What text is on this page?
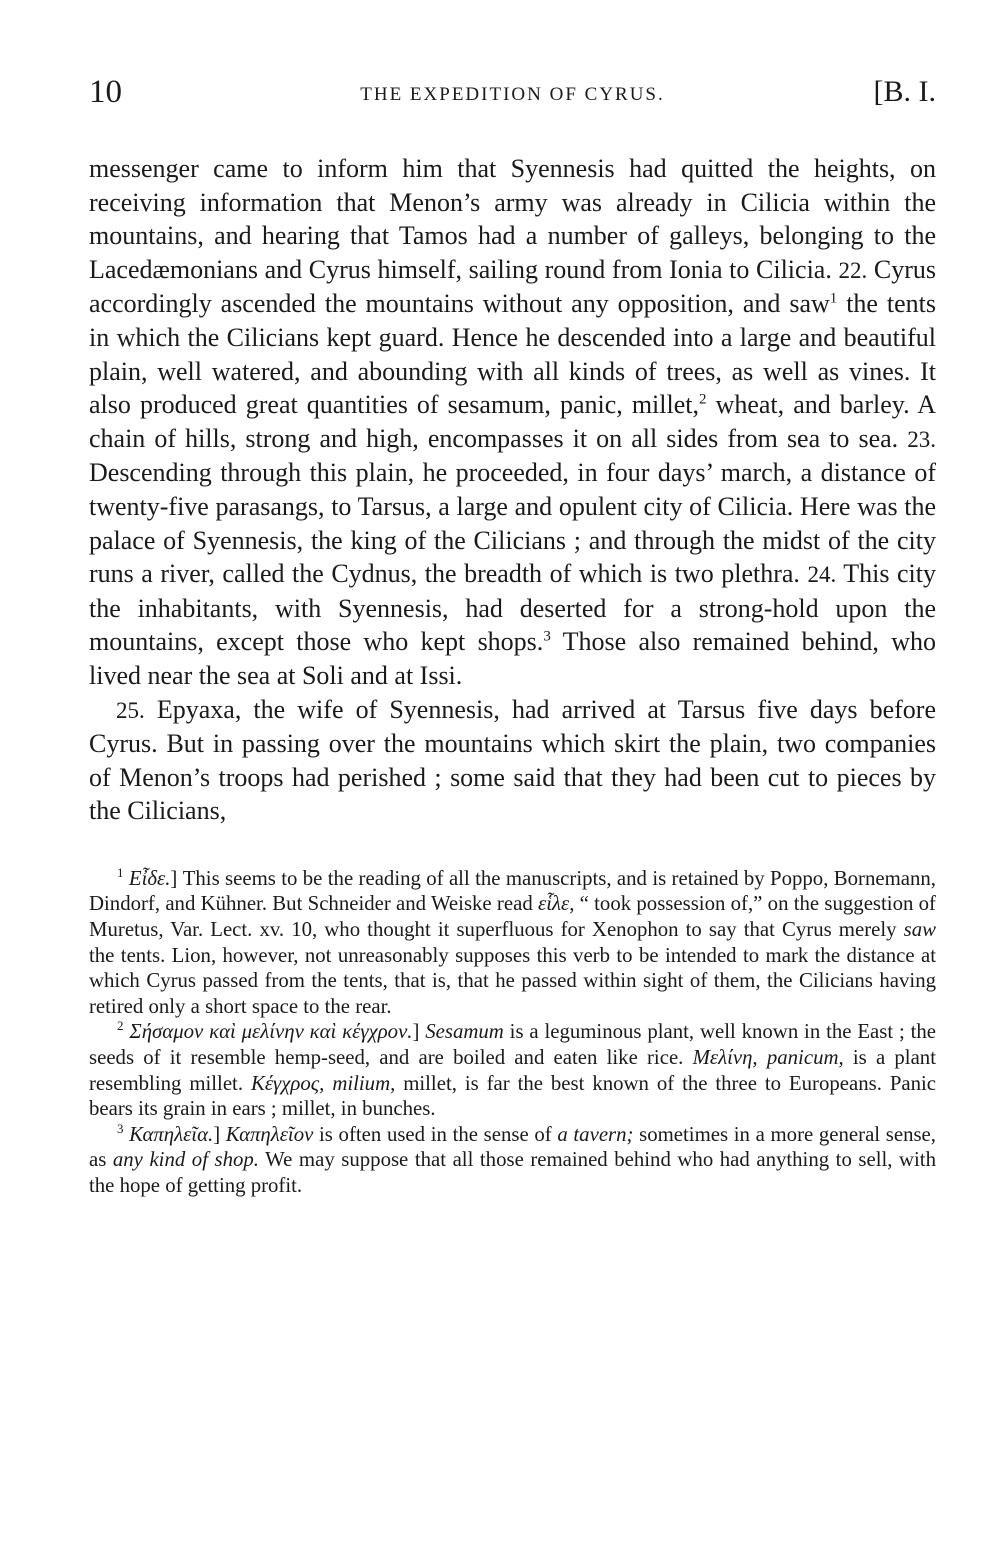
10	THE EXPEDITION OF CYRUS.	[B. I.

messenger came to inform him that Syennesis had quitted the heights, on receiving information that Menon’s army was already in Cilicia within the mountains, and hearing that Tamos had a number of galleys, belonging to the Lacedæmonians and Cyrus himself, sailing round from Ionia to Cilicia. 22. Cyrus accordingly ascended the mountains without any opposition, and saw$^1$ the tents in which the Cilicians kept guard. Hence he descended into a large and beautiful plain, well watered, and abounding with all kinds of trees, as well as vines. It also produced great quantities of sesamum, panic, millet,$^2$ wheat, and barley. A chain of hills, strong and high, encompasses it on all sides from sea to sea. 23. Descending through this plain, he proceeded, in four days’ march, a distance of twenty-five parasangs, to Tarsus, a large and opulent city of Cilicia. Here was the palace of Syennesis, the king of the Cilicians ; and through the midst of the city runs a river, called the Cydnus, the breadth of which is two plethra. 24. This city the inhabitants, with Syennesis, had deserted for a strong-hold upon the mountains, except those who kept shops.$^3$ Those also remained behind, who lived near the sea at Soli and at Issi.

25. Epyaxa, the wife of Syennesis, had arrived at Tarsus five days before Cyrus. But in passing over the mountains which skirt the plain, two companies of Menon’s troops had perished ; some said that they had been cut to pieces by the Cilicians,

$^1$ Εἶδε.] This seems to be the reading of all the manuscripts, and is retained by Poppo, Bornemann, Dindorf, and Kühner. But Schneider and Weiske read εἷλε, “ took possession of,” on the suggestion of Muretus, Var. Lect. xv. 10, who thought it superfluous for Xenophon to say that Cyrus merely saw the tents. Lion, however, not unreasonably supposes this verb to be intended to mark the distance at which Cyrus passed from the tents, that is, that he passed within sight of them, the Cilicians having retired only a short space to the rear.

$^2$ Σήσαμον καὶ μελίνην καὶ κέγχρον.] Sesamum is a leguminous plant, well known in the East ; the seeds of it resemble hemp-seed, and are boiled and eaten like rice. Μελίνη, panicum, is a plant resembling millet. Κέγχρος, milium, millet, is far the best known of the three to Europeans. Panic bears its grain in ears ; millet, in bunches.

$^3$ Καπηλεῖα.] Καπηλεῖον is often used in the sense of a tavern; sometimes in a more general sense, as any kind of shop. We may suppose that all those remained behind who had anything to sell, with the hope of getting profit.
